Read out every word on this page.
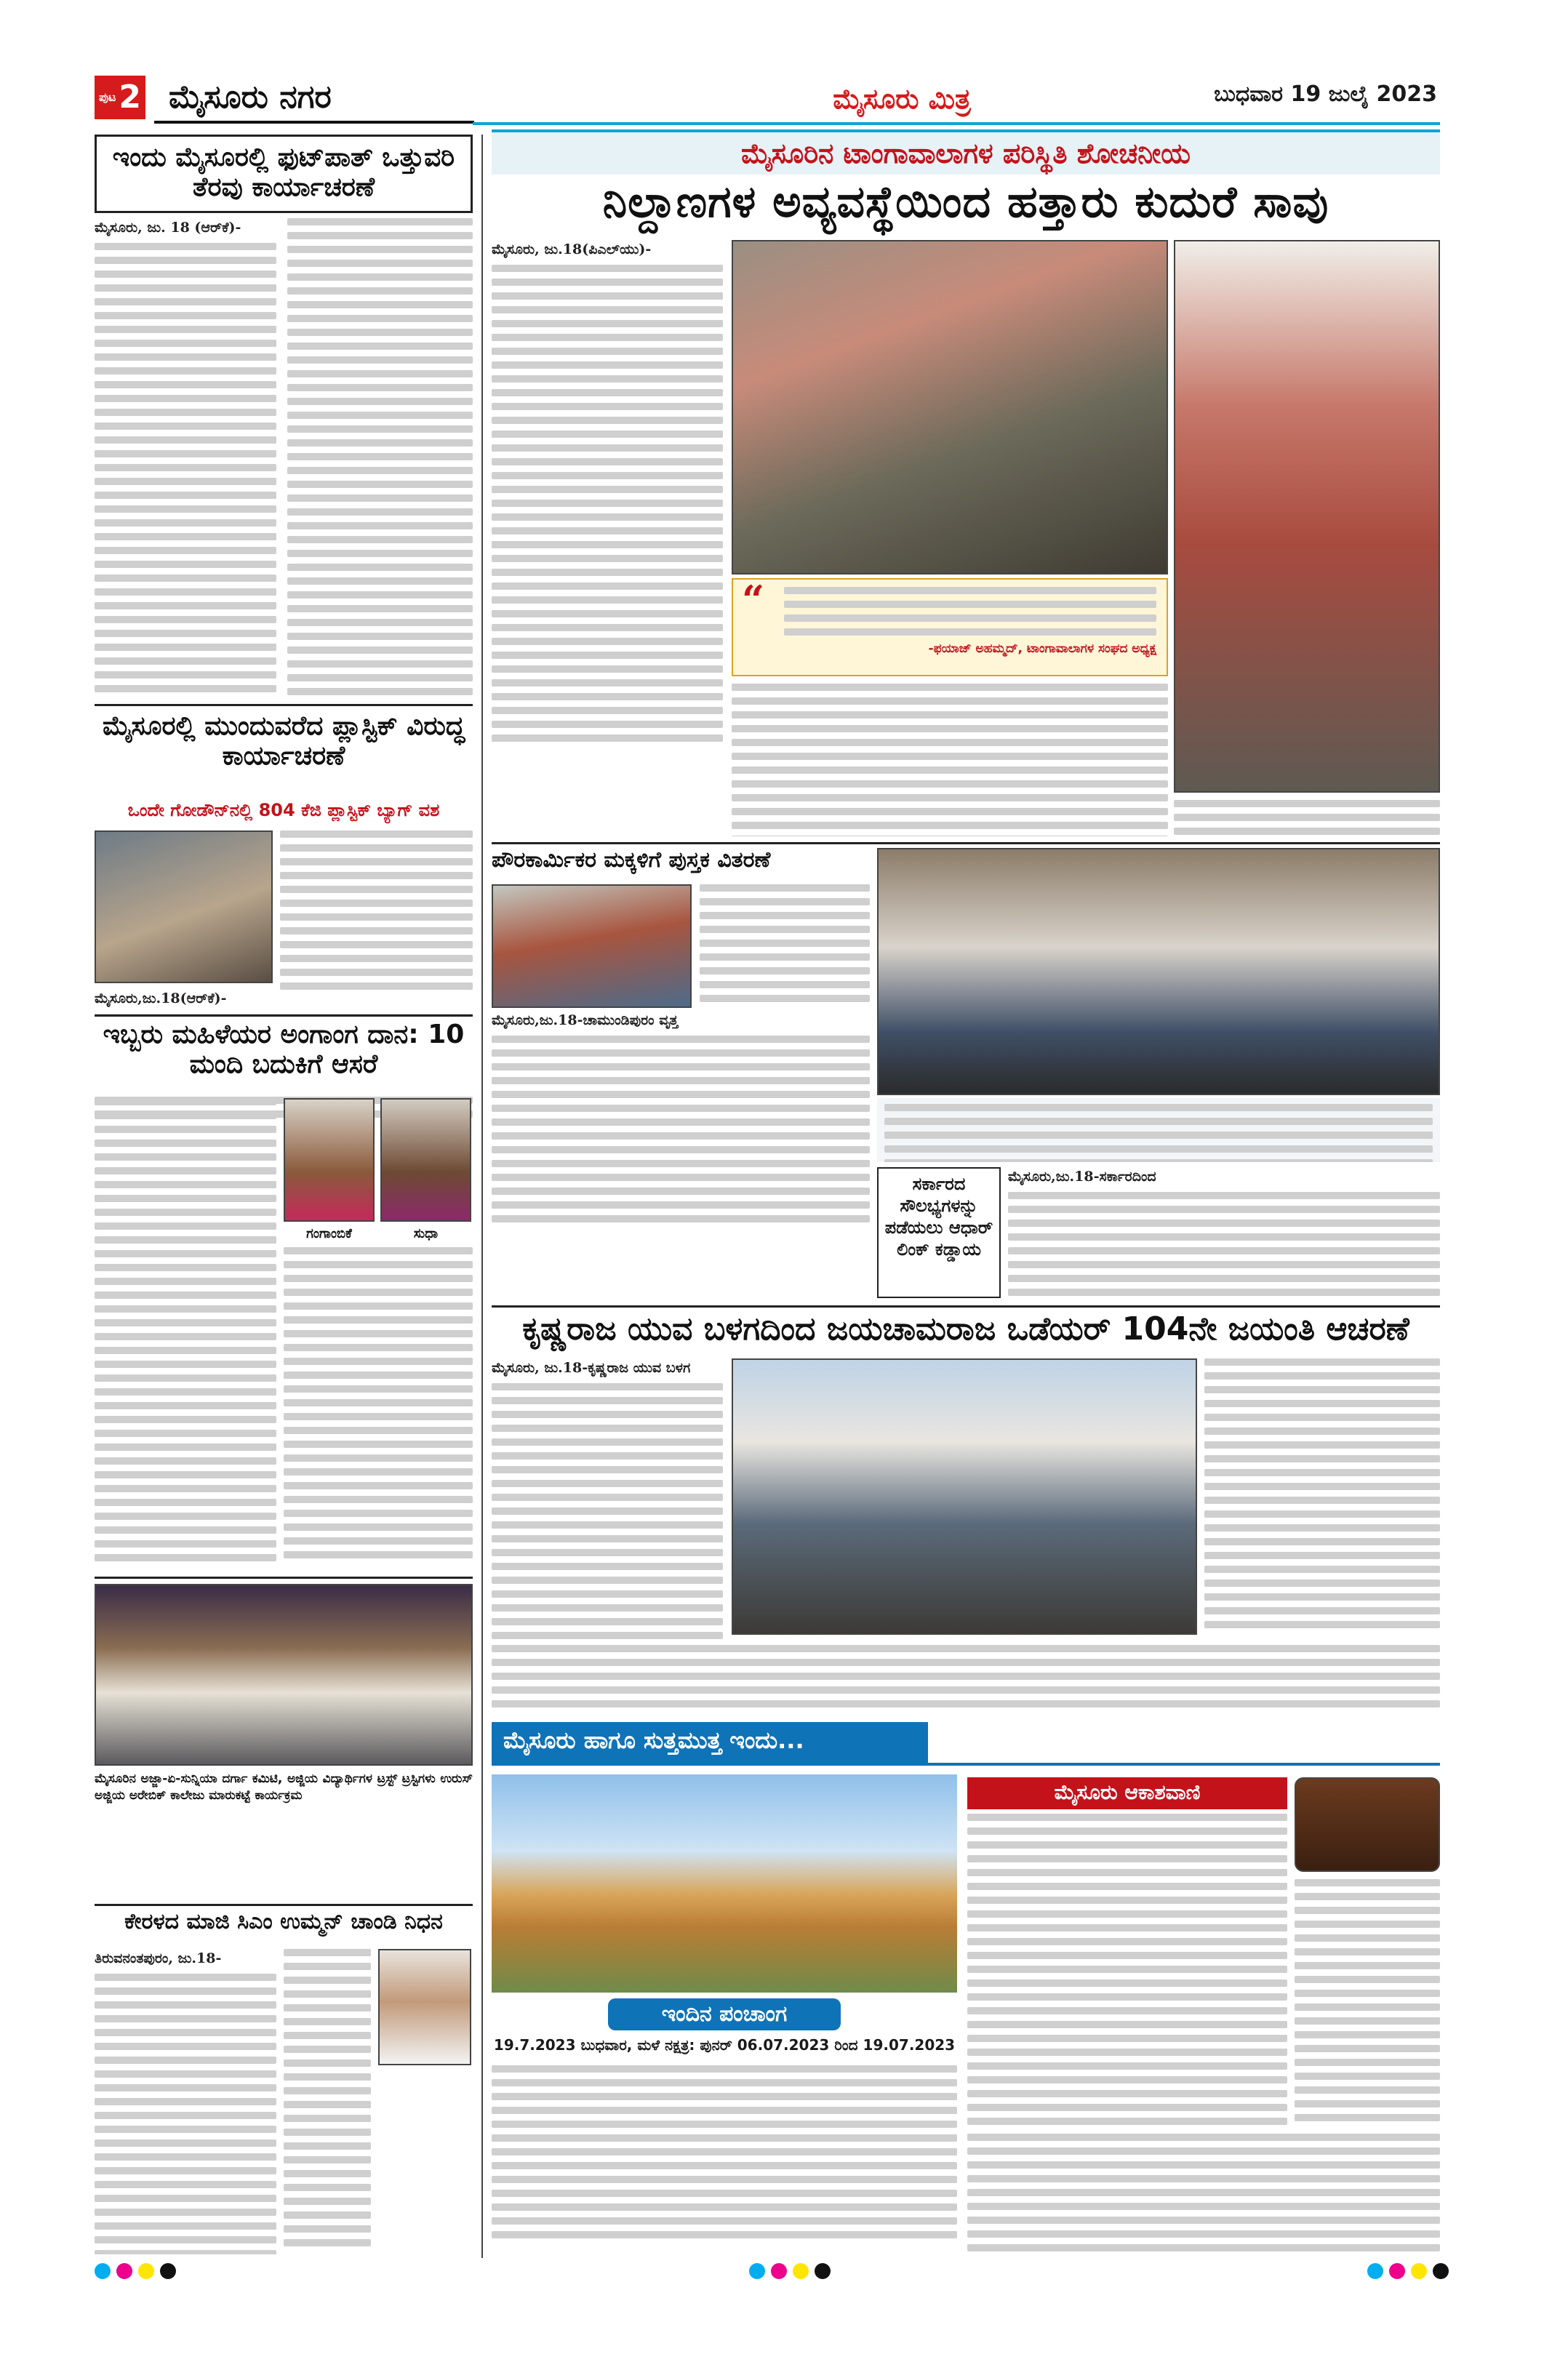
ಪುಟ 2 ಮೈಸೂರು ನಗರ	ಮೈಸೂರು ಮಿತ್ರ	ಬುಧವಾರ 19 ಜುಲೈ 2023
ಇಂದು ಮೈಸೂರಲ್ಲಿ ಫುಟ್‌ಪಾತ್ ಒತ್ತುವರಿ ತೆರವು ಕಾರ್ಯಾಚರಣೆ

ಮೈಸೂರು, ಜು. 18 (ಆರ್‌ಕೆ)-

ಮೈಸೂರಲ್ಲಿ ಮುಂದುವರೆದ ಪ್ಲಾಸ್ಟಿಕ್ ವಿರುದ್ಧ ಕಾರ್ಯಾಚರಣೆ
ಒಂದೇ ಗೋಡೌನ್‌ನಲ್ಲಿ 804 ಕೆಜಿ ಪ್ಲಾಸ್ಟಿಕ್ ಬ್ಯಾಗ್ ವಶ

ಮೈಸೂರು,ಜು.18(ಆರ್‌ಕೆ)-

ಇಬ್ಬರು ಮಹಿಳೆಯರ ಅಂಗಾಂಗ ದಾನ: 10 ಮಂದಿ ಬದುಕಿಗೆ ಆಸರೆ
ಗಂಗಾಂಬಿಕೆ	ಸುಧಾ
ಮೈಸೂರಿನ ಅಜ್ಜಾ-ಏ-ಸುನ್ನಿಯಾ ದರ್ಗಾ ಕಮಿಟಿ, ಅಜ್ಜಿಯ ವಿದ್ಯಾರ್ಥಿಗಳ ಟ್ರಸ್ಟ್ ಟ್ರಸ್ಟಿಗಳು ಉರುಸ್ ಅಜ್ಜಿಯ ಅರೇಬಿಕ್ ಕಾಲೇಜು ಮಾರುಕಟ್ಟೆ ಕಾರ್ಯಕ್ರಮ
ಕೇರಳದ ಮಾಜಿ ಸಿಎಂ ಉಮ್ಮನ್ ಚಾಂಡಿ ನಿಧನ

ತಿರುವನಂತಪುರಂ, ಜು.18-

ಮೈಸೂರಿನ ಟಾಂಗಾವಾಲಾಗಳ ಪರಿಸ್ಥಿತಿ ಶೋಚನೀಯ
ನಿಲ್ದಾಣಗಳ ಅವ್ಯವಸ್ಥೆಯಿಂದ ಹತ್ತಾರು ಕುದುರೆ ಸಾವು

ಮೈಸೂರು, ಜು.18(ಪಿಎಲ್‌ಯು)-

“
-ಫಯಾಜ್ ಅಹಮ್ಮದ್, ಟಾಂಗಾವಾಲಾಗಳ ಸಂಘದ ಅಧ್ಯಕ್ಷ
ಪೌರಕಾರ್ಮಿಕರ ಮಕ್ಕಳಿಗೆ ಪುಸ್ತಕ ವಿತರಣೆ

ಮೈಸೂರು,ಜು.18-ಚಾಮುಂಡಿಪುರಂ ವೃತ್ತ

ಸರ್ಕಾರದ ಸೌಲಭ್ಯಗಳನ್ನು ಪಡೆಯಲು ಆಧಾರ್ ಲಿಂಕ್ ಕಡ್ಡಾಯ

ಮೈಸೂರು,ಜು.18-ಸರ್ಕಾರದಿಂದ

ಕೃಷ್ಣರಾಜ ಯುವ ಬಳಗದಿಂದ ಜಯಚಾಮರಾಜ ಒಡೆಯರ್ 104ನೇ ಜಯಂತಿ ಆಚರಣೆ

ಮೈಸೂರು, ಜು.18-ಕೃಷ್ಣರಾಜ ಯುವ ಬಳಗ

ಮೈಸೂರು ಹಾಗೂ ಸುತ್ತಮುತ್ತ ಇಂದು...
ಇಂದಿನ ಪಂಚಾಂಗ
19.7.2023 ಬುಧವಾರ, ಮಳೆ ನಕ್ಷತ್ರ: ಪುನರ್ 06.07.2023 ರಿಂದ 19.07.2023
ಮೈಸೂರು ಆಕಾಶವಾಣಿ
